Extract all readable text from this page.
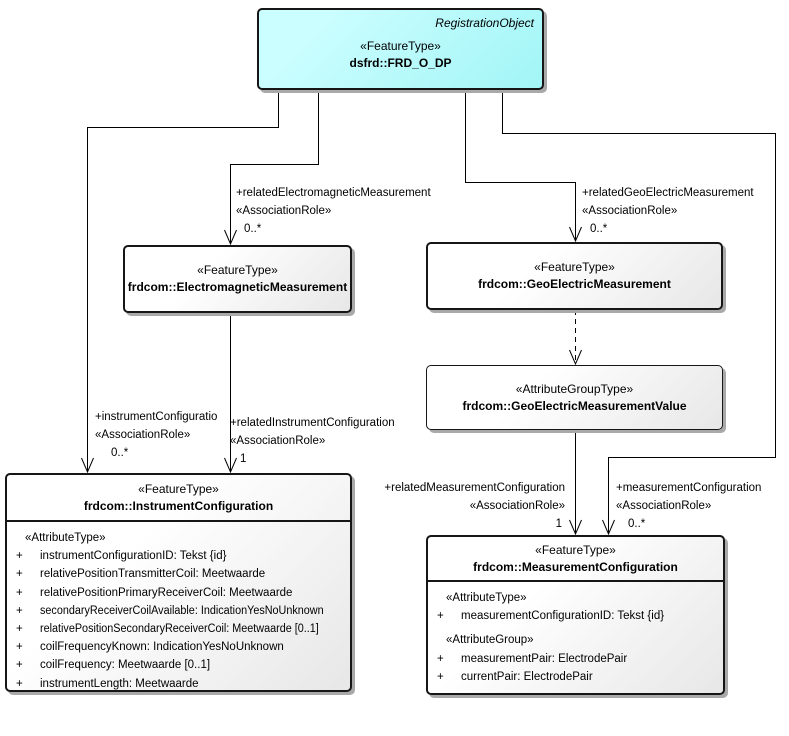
RegistrationObject
«FeatureType»
dsfrd::FRD_O_DP
«FeatureType»
frdcom::ElectromagneticMeasurement
«FeatureType»
frdcom::GeoElectricMeasurement
«AttributeGroupType»
frdcom::GeoElectricMeasurementValue
«FeatureType»
frdcom::InstrumentConfiguration
«AttributeType»
+ instrumentConfigurationID: Tekst {id}
+ relativePositionTransmitterCoil: Meetwaarde
+ relativePositionPrimaryReceiverCoil: Meetwaarde
+ secondaryReceiverCoilAvailable: IndicationYesNoUnknown
+ relativePositionSecondaryReceiverCoil: Meetwaarde [0..1]
+ coilFrequencyKnown: IndicationYesNoUnknown
+ coilFrequency: Meetwaarde [0..1]
+ instrumentLength: Meetwaarde
«FeatureType»
frdcom::MeasurementConfiguration
«AttributeType»
+ measurementConfigurationID: Tekst {id}
«AttributeGroup»
+ measurementPair: ElectrodePair
+ currentPair: ElectrodePair
+relatedElectromagneticMeasurement
«AssociationRole»
0..*
+relatedGeoElectricMeasurement
«AssociationRole»
0..*
+instrumentConfiguratio
«AssociationRole»
0..*
+relatedInstrumentConfiguration
«AssociationRole»
1
+relatedMeasurementConfiguration
«AssociationRole»
1
+measurementConfiguration
«AssociationRole»
0..*
